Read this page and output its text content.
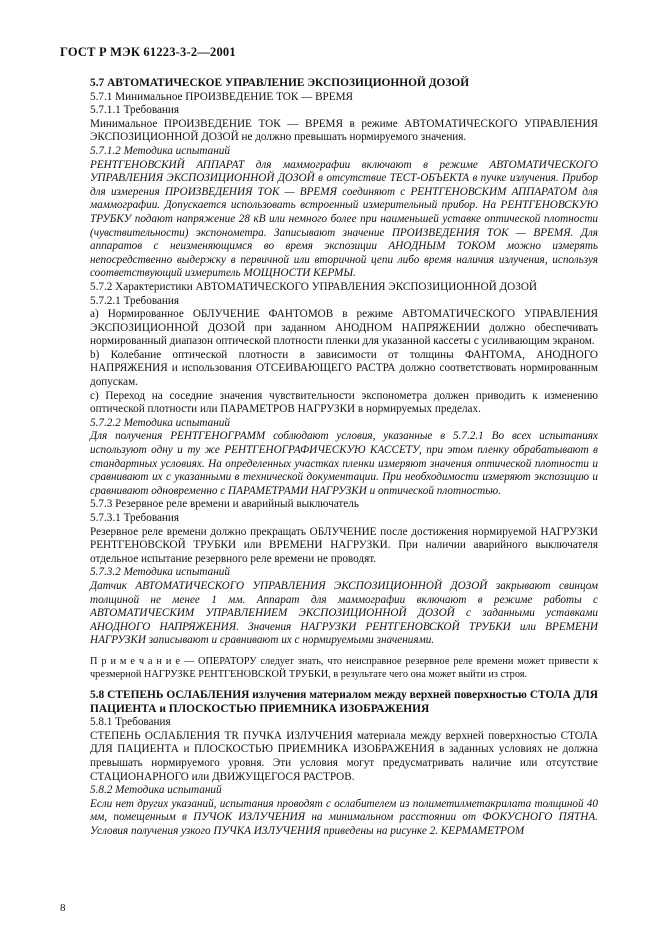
ГОСТ Р МЭК 61223-3-2—2001

5.7 АВТОМАТИЧЕСКОЕ УПРАВЛЕНИЕ ЭКСПОЗИЦИОННОЙ ДОЗОЙ

5.7.1 Минимальное ПРОИЗВЕДЕНИЕ ТОК — ВРЕМЯ

5.7.1.1 Требования

Минимальное ПРОИЗВЕДЕНИЕ ТОК — ВРЕМЯ в режиме АВТОМАТИЧЕСКОГО УПРАВЛЕНИЯ ЭКСПОЗИЦИОННОЙ ДОЗОЙ не должно превышать нормируемого значения.

5.7.1.2 Методика испытаний

РЕНТГЕНОВСКИЙ АППАРАТ для маммографии включают в режиме АВТОМАТИЧЕСКОГО УПРАВЛЕНИЯ ЭКСПОЗИЦИОННОЙ ДОЗОЙ в отсутствие ТЕСТ-ОБЪЕКТА в пучке излучения. Прибор для измерения ПРОИЗВЕДЕНИЯ ТОК — ВРЕМЯ соединяют с РЕНТГЕНОВСКИМ АППАРАТОМ для маммографии. Допускается использовать встроенный измерительный прибор. На РЕНТГЕНОВСКУЮ ТРУБКУ подают напряжение 28 кВ или немного более при наименьшей уставке оптической плотности (чувствительности) экспонометра. Записывают значение ПРОИЗВЕДЕНИЯ ТОК — ВРЕМЯ. Для аппаратов с неизменяющимся во время экспозиции АНОДНЫМ ТОКОМ можно измерять непосредственно выдержку в первичной или вторичной цепи либо время наличия излучения, используя соответствующий измеритель МОЩНОСТИ КЕРМЫ.

5.7.2 Характеристики АВТОМАТИЧЕСКОГО УПРАВЛЕНИЯ ЭКСПОЗИЦИОННОЙ ДОЗОЙ

5.7.2.1 Требования

а) Нормированное ОБЛУЧЕНИЕ ФАНТОМОВ в режиме АВТОМАТИЧЕСКОГО УПРАВЛЕНИЯ ЭКСПОЗИЦИОННОЙ ДОЗОЙ при заданном АНОДНОМ НАПРЯЖЕНИИ должно обеспечивать нормированный диапазон оптической плотности пленки для указанной кассеты с усиливающим экраном.

b) Колебание оптической плотности в зависимости от толщины ФАНТОМА, АНОДНОГО НАПРЯЖЕНИЯ и использования ОТСЕИВАЮЩЕГО РАСТРА должно соответствовать нормированным допускам.

с) Переход на соседние значения чувствительности экспонометра должен приводить к изменению оптической плотности или ПАРАМЕТРОВ НАГРУЗКИ в нормируемых пределах.

5.7.2.2 Методика испытаний

Для получения РЕНТГЕНОГРАММ соблюдают условия, указанные в 5.7.2.1 Во всех испытаниях используют одну и ту же РЕНТГЕНОГРАФИЧЕСКУЮ КАССЕТУ, при этом пленку обрабатывают в стандартных условиях. На определенных участках пленки измеряют значения оптической плотности и сравнивают их с указанными в технической документации. При необходимости измеряют экспозицию и сравнивают одновременно с ПАРАМЕТРАМИ НАГРУЗКИ и оптической плотностью.

5.7.3 Резервное реле времени и аварийный выключатель

5.7.3.1 Требования

Резервное реле времени должно прекращать ОБЛУЧЕНИЕ после достижения нормируемой НАГРУЗКИ РЕНТГЕНОВСКОЙ ТРУБКИ или ВРЕМЕНИ НАГРУЗКИ. При наличии аварийного выключателя отдельное испытание резервного реле времени не проводят.

5.7.3.2 Методика испытаний

Датчик АВТОМАТИЧЕСКОГО УПРАВЛЕНИЯ ЭКСПОЗИЦИОННОЙ ДОЗОЙ закрывают свинцом толщиной не менее 1 мм. Аппарат для маммографии включают в режиме работы с АВТОМАТИЧЕСКИМ УПРАВЛЕНИЕМ ЭКСПОЗИЦИОННОЙ ДОЗОЙ с заданными уставками АНОДНОГО НАПРЯЖЕНИЯ. Значения НАГРУЗКИ РЕНТГЕНОВСКОЙ ТРУБКИ или ВРЕМЕНИ НАГРУЗКИ записывают и сравнивают их с нормируемыми значениями.

П р и м е ч а н и е — ОПЕРАТОРУ следует знать, что неисправное резервное реле времени может привести к чрезмерной НАГРУЗКЕ РЕНТГЕНОВСКОЙ ТРУБКИ, в результате чего она может выйти из строя.

5.8 СТЕПЕНЬ ОСЛАБЛЕНИЯ излучения материалом между верхней поверхностью СТОЛА ДЛЯ ПАЦИЕНТА и ПЛОСКОСТЬЮ ПРИЕМНИКА ИЗОБРАЖЕНИЯ

5.8.1 Требования

СТЕПЕНЬ ОСЛАБЛЕНИЯ TR ПУЧКА ИЗЛУЧЕНИЯ материала между верхней поверхностью СТОЛА ДЛЯ ПАЦИЕНТА и ПЛОСКОСТЬЮ ПРИЕМНИКА ИЗОБРАЖЕНИЯ в заданных условиях не должна превышать нормируемого уровня. Эти условия могут предусматривать наличие или отсутствие СТАЦИОНАРНОГО или ДВИЖУЩЕГОСЯ РАСТРОВ.

5.8.2 Методика испытаний

Если нет других указаний, испытания проводят с ослабителем из полиметилметакрилата толщиной 40 мм, помещенным в ПУЧОК ИЗЛУЧЕНИЯ на минимальном расстоянии от ФОКУСНОГО ПЯТНА. Условия получения узкого ПУЧКА ИЗЛУЧЕНИЯ приведены на рисунке 2. КЕРМАМЕТРОМ

8
